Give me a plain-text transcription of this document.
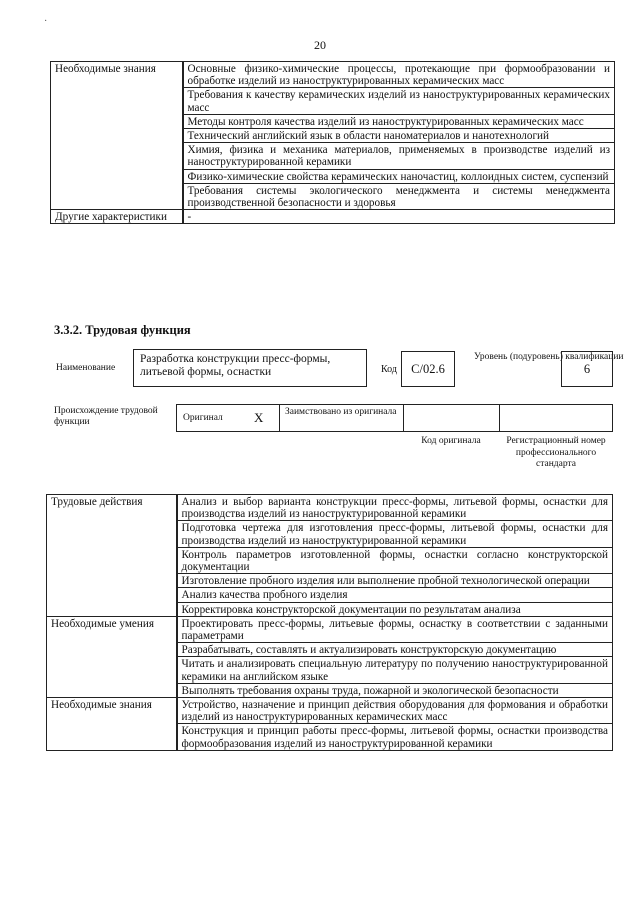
·
20
Необходимые знания	Основные физико-химические процессы, протекающие при формообразовании и обработке изделий из наноструктурированных керамических масс
	Требования к качеству керамических изделий из наноструктурированных керамических масс
	Методы контроля качества изделий из наноструктурированных керамических масс
	Технический английский язык в области наноматериалов и нанотехнологий
	Химия, физика и механика материалов, применяемых в производстве изделий из наноструктурированной керамики
	Физико-химические свойства керамических наночастиц, коллоидных систем, суспензий
	Требования системы экологического менеджмента и системы менеджмента производственной безопасности и здоровья
Другие характеристики	-
3.3.2. Трудовая функция
Наименование
Разработка конструкции пресс-формы, литьевой формы, оснастки	Код	C/02.6
Уровень (подуровень) квалификации
6
Происхождение трудовой функции	Оригинал X Заимствовано из оригинала
Код оригинала	Регистрационный номер профессионального стандарта
Трудовые действия	Анализ и выбор варианта конструкции пресс-формы, литьевой формы, оснастки для производства изделий из наноструктурированной керамики
	Подготовка чертежа для изготовления пресс-формы, литьевой формы, оснастки для производства изделий из наноструктурированной керамики
	Контроль параметров изготовленной формы, оснастки согласно конструкторской документации
	Изготовление пробного изделия или выполнение пробной технологической операции
	Анализ качества пробного изделия
	Корректировка конструкторской документации по результатам анализа
Необходимые умения	Проектировать пресс-формы, литьевые формы, оснастку в соответствии с заданными параметрами
	Разрабатывать, составлять и актуализировать конструкторскую документацию
	Читать и анализировать специальную литературу по получению наноструктурированной керамики на английском языке
	Выполнять требования охраны труда, пожарной и экологической безопасности
Необходимые знания	Устройство, назначение и принцип действия оборудования для формования и обработки изделий из наноструктурированных керамических масс
	Конструкция и принцип работы пресс-формы, литьевой формы, оснастки производства формообразования изделий из наноструктурированной керамики
